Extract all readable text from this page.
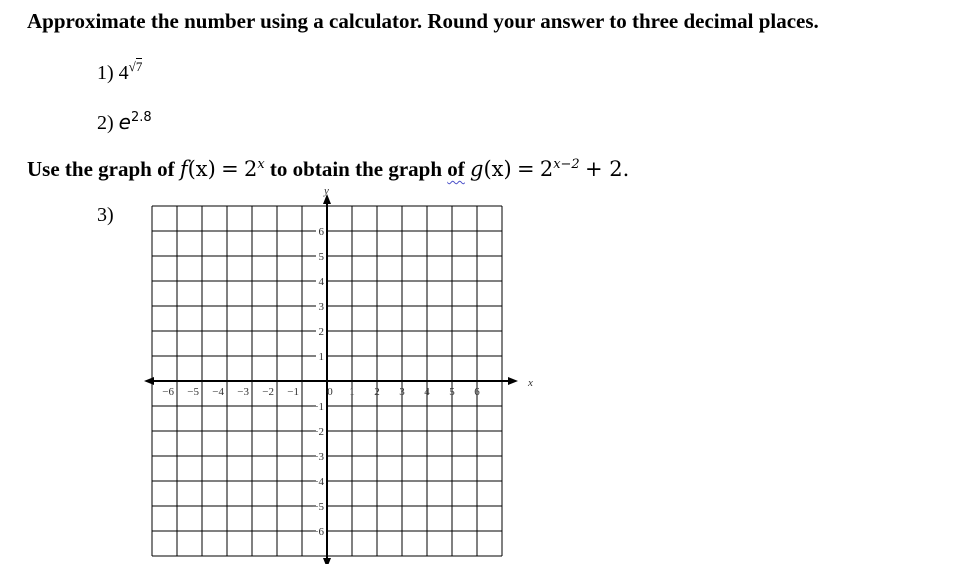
Approximate the number using a calculator. Round your answer to three decimal places.
1) $4^{√7}$
2) $e^{2.8}$
Use the graph of f(x) = 2$^x$ to obtain the graph of g(x) = 2$^{x-2}$ + 2.
3)
−6 −5 −4 −3 −2 −1	0 1 2 3 4 5 6
6
5
4
3
2
1
−1
−2
−3
−4
−5
−6
x
y
